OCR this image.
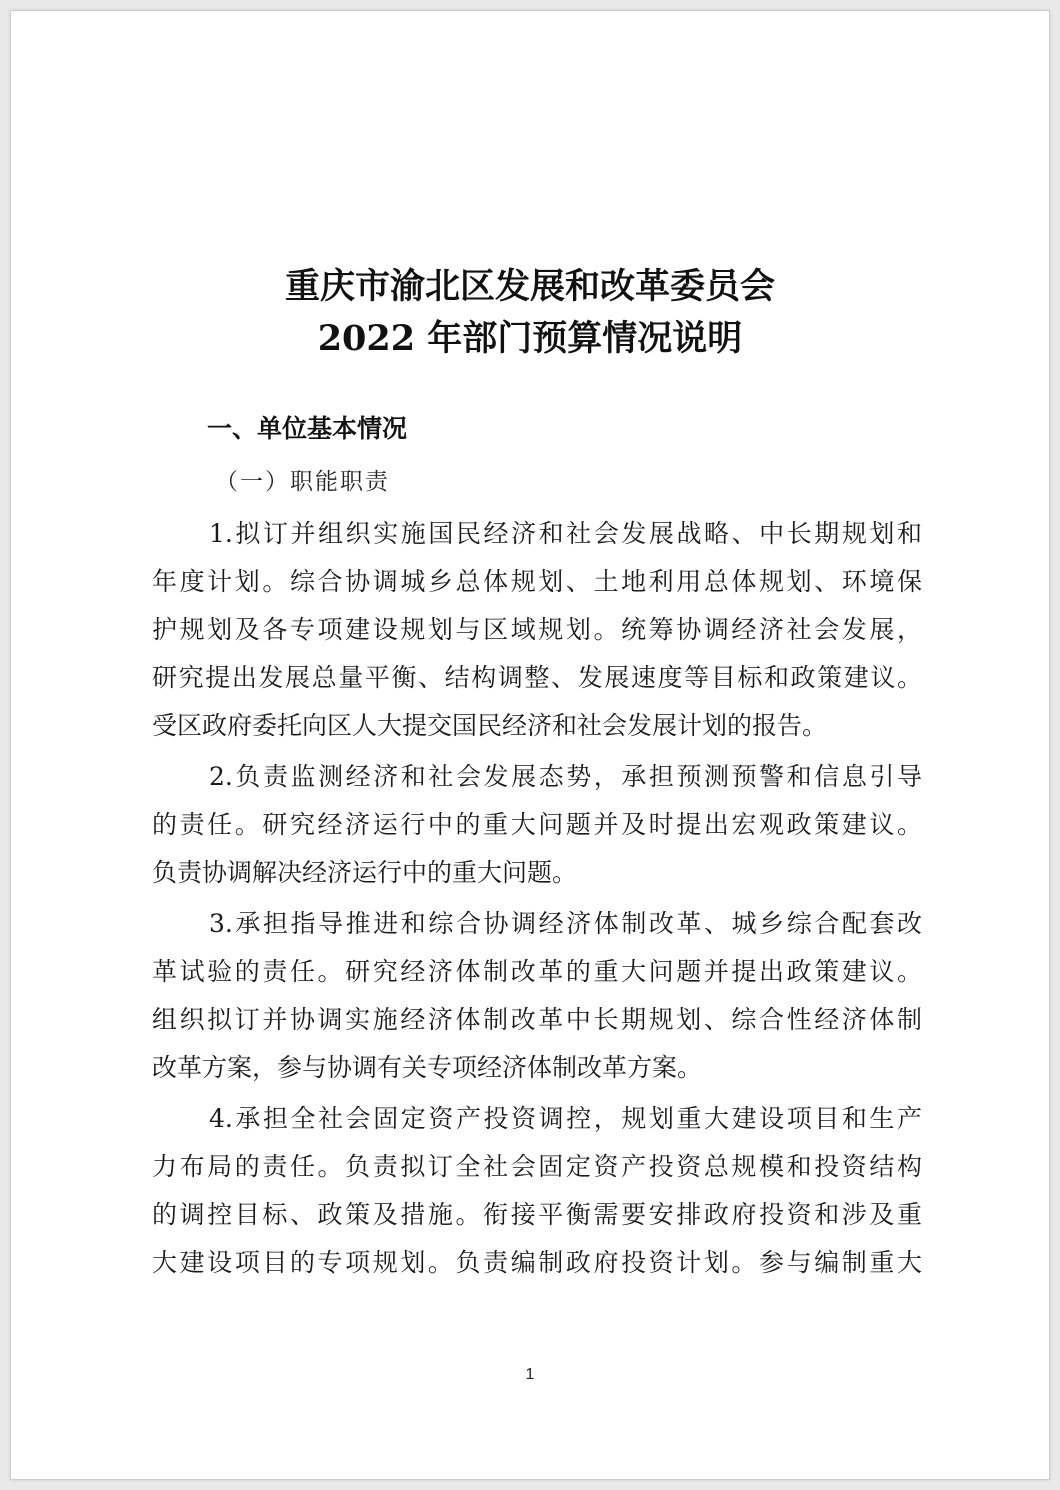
重庆市渝北区发展和改革委员会
2022 年部门预算情况说明
一、单位基本情况
（一）职能职责
1.拟订并组织实施国民经济和社会发展战略、中长期规划和
年度计划。综合协调城乡总体规划、土地利用总体规划、环境保
护规划及各专项建设规划与区域规划。统筹协调经济社会发展，
研究提出发展总量平衡、结构调整、发展速度等目标和政策建议。
受区政府委托向区人大提交国民经济和社会发展计划的报告。
2.负责监测经济和社会发展态势，承担预测预警和信息引导
的责任。研究经济运行中的重大问题并及时提出宏观政策建议。
负责协调解决经济运行中的重大问题。
3.承担指导推进和综合协调经济体制改革、城乡综合配套改
革试验的责任。研究经济体制改革的重大问题并提出政策建议。
组织拟订并协调实施经济体制改革中长期规划、综合性经济体制
改革方案，参与协调有关专项经济体制改革方案。
4.承担全社会固定资产投资调控，规划重大建设项目和生产
力布局的责任。负责拟订全社会固定资产投资总规模和投资结构
的调控目标、政策及措施。衔接平衡需要安排政府投资和涉及重
大建设项目的专项规划。负责编制政府投资计划。参与编制重大
1
